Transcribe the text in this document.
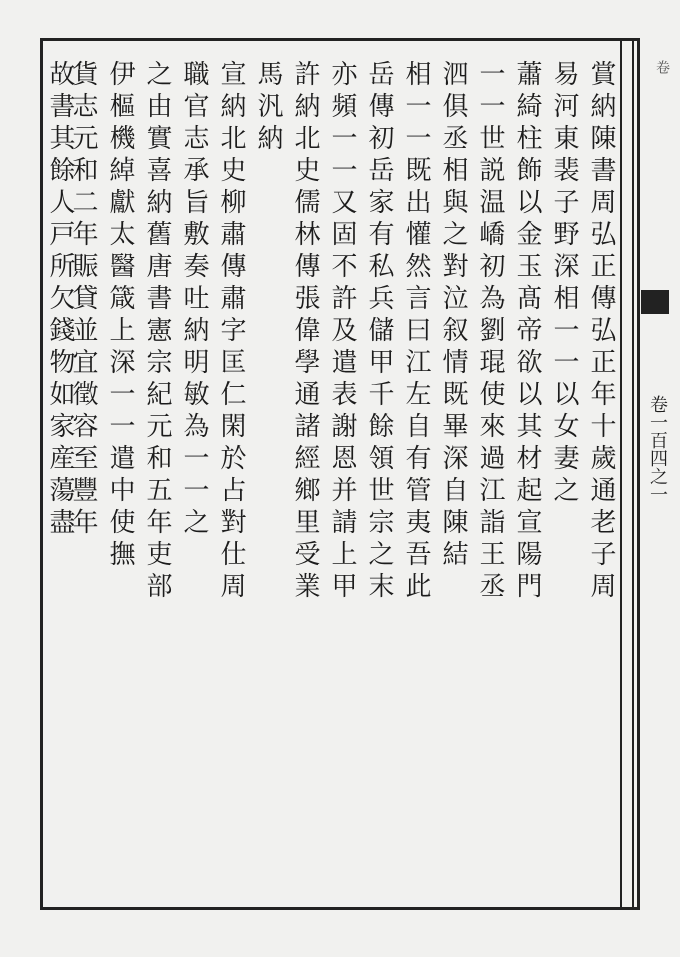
卷
卷一百四之一
賞納陳書周弘正傳弘正年十歲通老子周
易河東裴子野深相一一以女妻之
蕭綺柱飾以金玉髙帝欲以其材起宣陽門
一一世説温嶠初為劉琨使來過江詣王丞
泗俱丞相與之對泣叙情既畢深自陳結
相一一既出懽然言曰江左自有管夷吾此
岳傳初岳家有私兵儲甲千餘領世宗之末
亦頻一一又固不許及遣表謝恩并請上甲
許納北史儒林傳張偉學通諸經鄉里受業
馬汎納
宣納北史柳肅傳肅字匡仁閑於占對仕周
職官志承旨敷奏吐納明敏為一一之
之由實喜納舊唐書憲宗紀元和五年吏部
伊樞機綽獻太醫箴上深一一遣中使撫
貨志元和二年賑貸並宜徵容至豐年
故書其餘人戸所欠錢物如家産蕩盡
